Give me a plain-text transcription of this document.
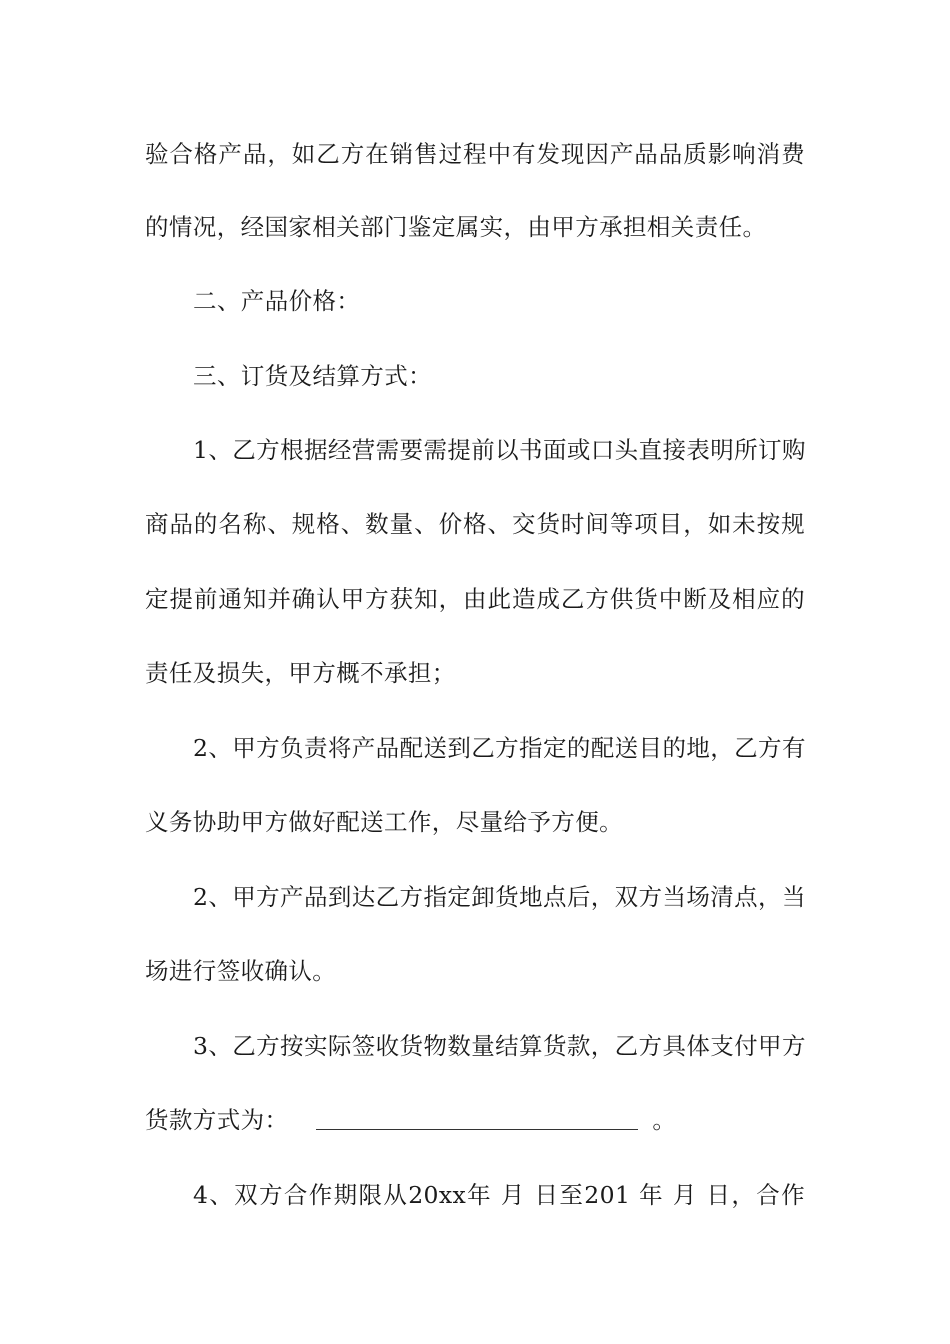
验合格产品，如乙方在销售过程中有发现因产品品质影响消费
的情况，经国家相关部门鉴定属实，由甲方承担相关责任。
二、产品价格：
三、订货及结算方式：
1、乙方根据经营需要需提前以书面或口头直接表明所订购
商品的名称、规格、数量、价格、交货时间等项目，如未按规
定提前通知并确认甲方获知，由此造成乙方供货中断及相应的
责任及损失，甲方概不承担；
2、甲方负责将产品配送到乙方指定的配送目的地，乙方有
义务协助甲方做好配送工作，尽量给予方便。
2、甲方产品到达乙方指定卸货地点后，双方当场清点，当
场进行签收确认。
3、乙方按实际签收货物数量结算货款，乙方具体支付甲方
货款方式为：	。
4、双方合作期限从20xx年 月 日至201 年 月 日，合作
